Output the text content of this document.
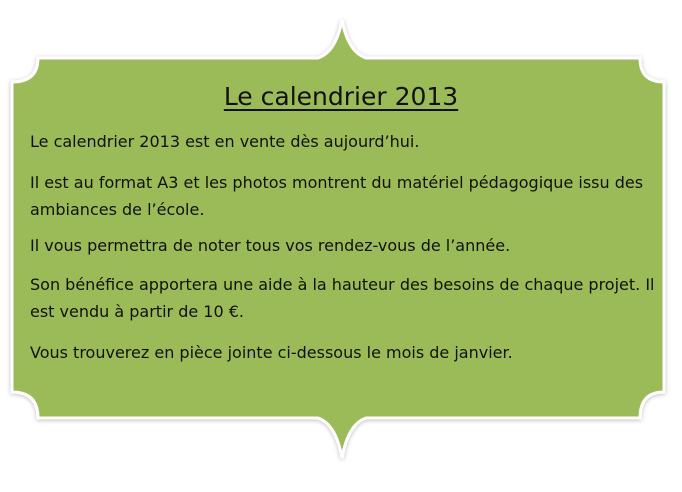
Le calendrier 2013

Le calendrier 2013 est en vente dès aujourd’hui.

Il est au format A3 et les photos montrent du matériel pédagogique issu des ambiances de l’école.

Il vous permettra de noter tous vos rendez-vous de l’année.

Son bénéfice apportera une aide à la hauteur des besoins de chaque projet. Il est vendu à partir de 10 €.

Vous trouverez en pièce jointe ci-dessous le mois de janvier.
